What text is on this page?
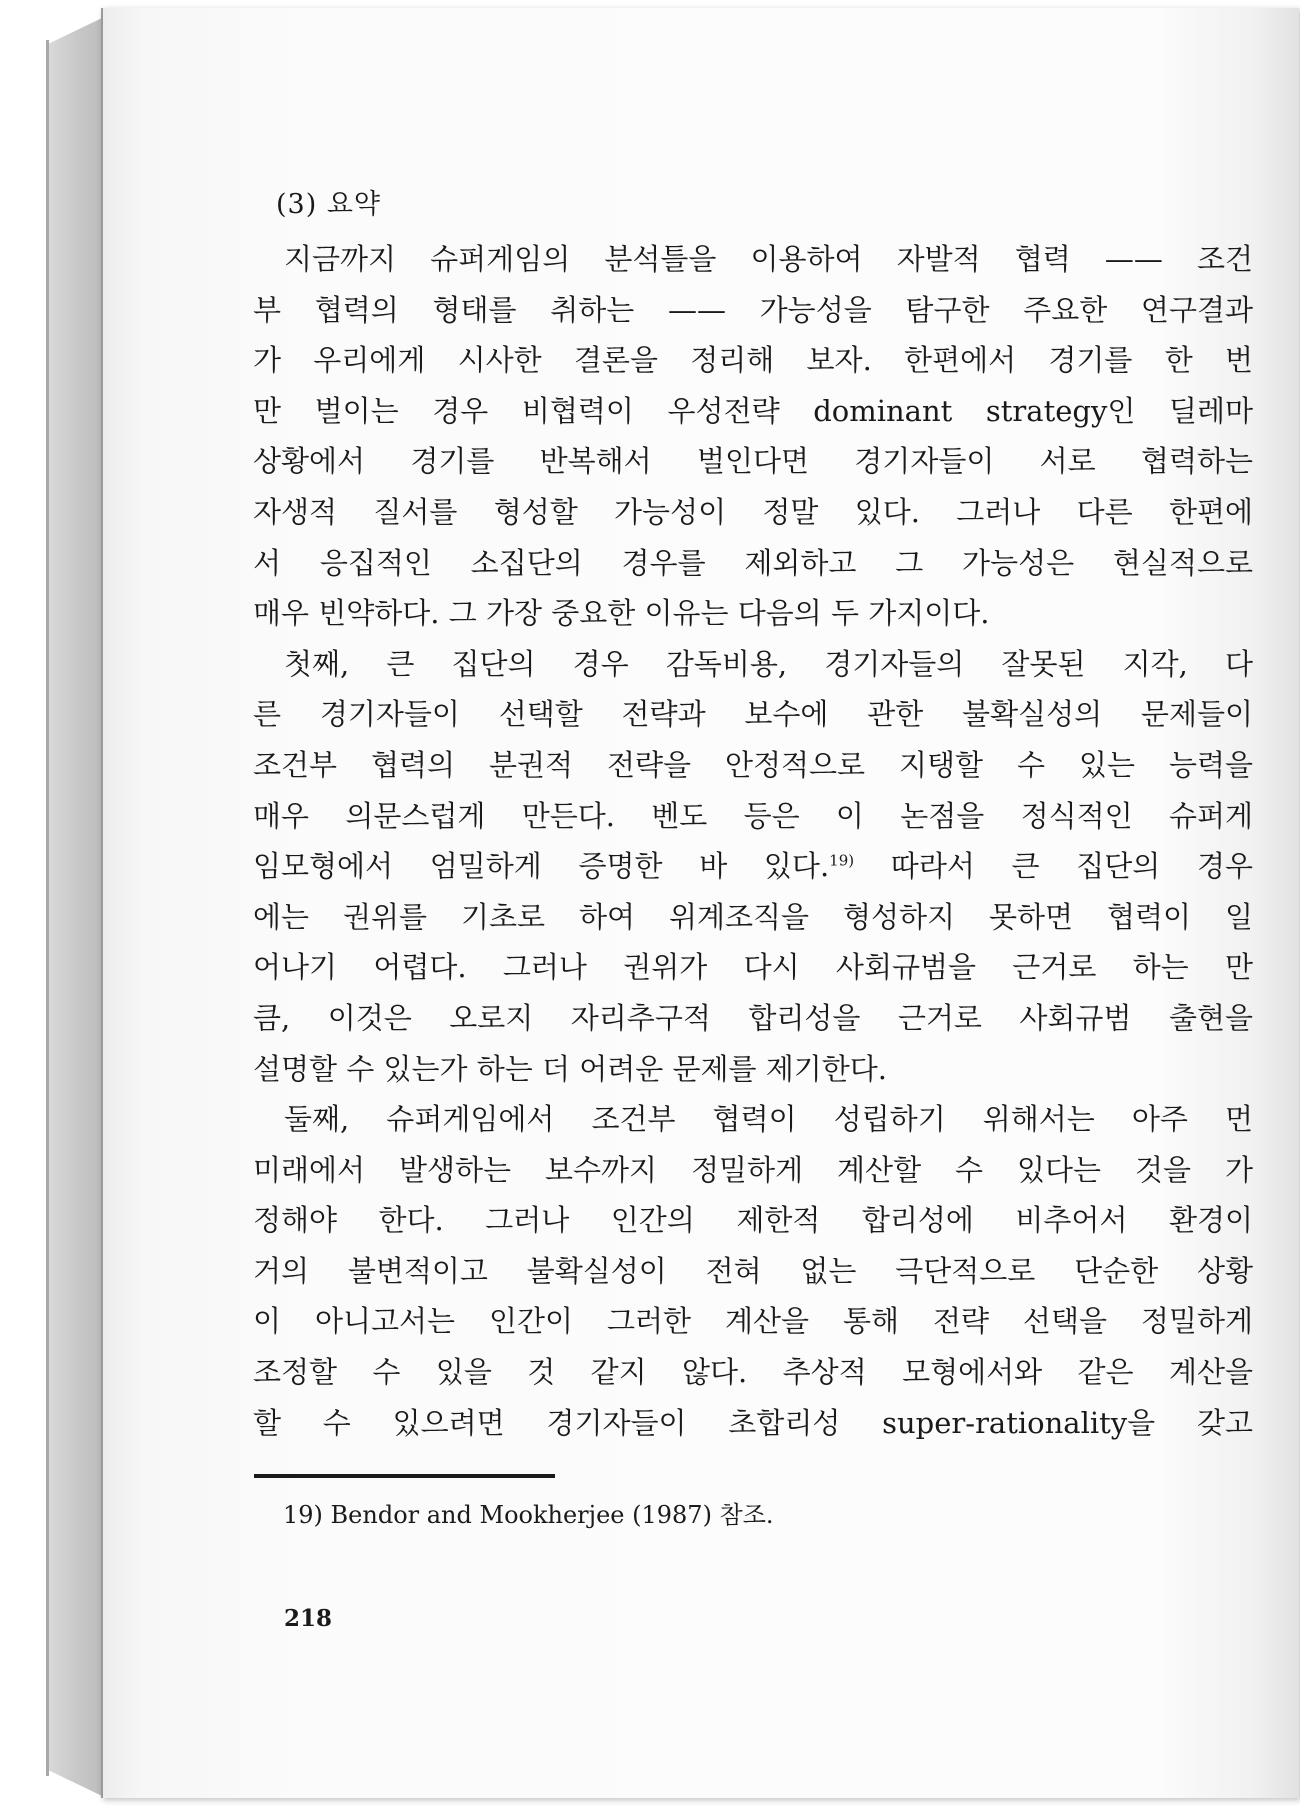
(3) 요약
지금까지 슈퍼게임의 분석틀을 이용하여 자발적 협력 —— 조건
부 협력의 형태를 취하는 —— 가능성을 탐구한 주요한 연구결과
가 우리에게 시사한 결론을 정리해 보자. 한편에서 경기를 한 번
만 벌이는 경우 비협력이 우성전략 dominant strategy인 딜레마
상황에서 경기를 반복해서 벌인다면 경기자들이 서로 협력하는
자생적 질서를 형성할 가능성이 정말 있다. 그러나 다른 한편에
서 응집적인 소집단의 경우를 제외하고 그 가능성은 현실적으로
매우 빈약하다. 그 가장 중요한 이유는 다음의 두 가지이다.
첫째, 큰 집단의 경우 감독비용, 경기자들의 잘못된 지각, 다
른 경기자들이 선택할 전략과 보수에 관한 불확실성의 문제들이
조건부 협력의 분권적 전략을 안정적으로 지탱할 수 있는 능력을
매우 의문스럽게 만든다. 벤도 등은 이 논점을 정식적인 슈퍼게
임모형에서 엄밀하게 증명한 바 있다.$^{19)}$ 따라서 큰 집단의 경우
에는 권위를 기초로 하여 위계조직을 형성하지 못하면 협력이 일
어나기 어렵다. 그러나 권위가 다시 사회규범을 근거로 하는 만
큼, 이것은 오로지 자리추구적 합리성을 근거로 사회규범 출현을
설명할 수 있는가 하는 더 어려운 문제를 제기한다.
둘째, 슈퍼게임에서 조건부 협력이 성립하기 위해서는 아주 먼
미래에서 발생하는 보수까지 정밀하게 계산할 수 있다는 것을 가
정해야 한다. 그러나 인간의 제한적 합리성에 비추어서 환경이
거의 불변적이고 불확실성이 전혀 없는 극단적으로 단순한 상황
이 아니고서는 인간이 그러한 계산을 통해 전략 선택을 정밀하게
조정할 수 있을 것 같지 않다. 추상적 모형에서와 같은 계산을
할 수 있으려면 경기자들이 초합리성 super-rationality을 갖고
19) Bendor and Mookherjee (1987) 참조.
218
